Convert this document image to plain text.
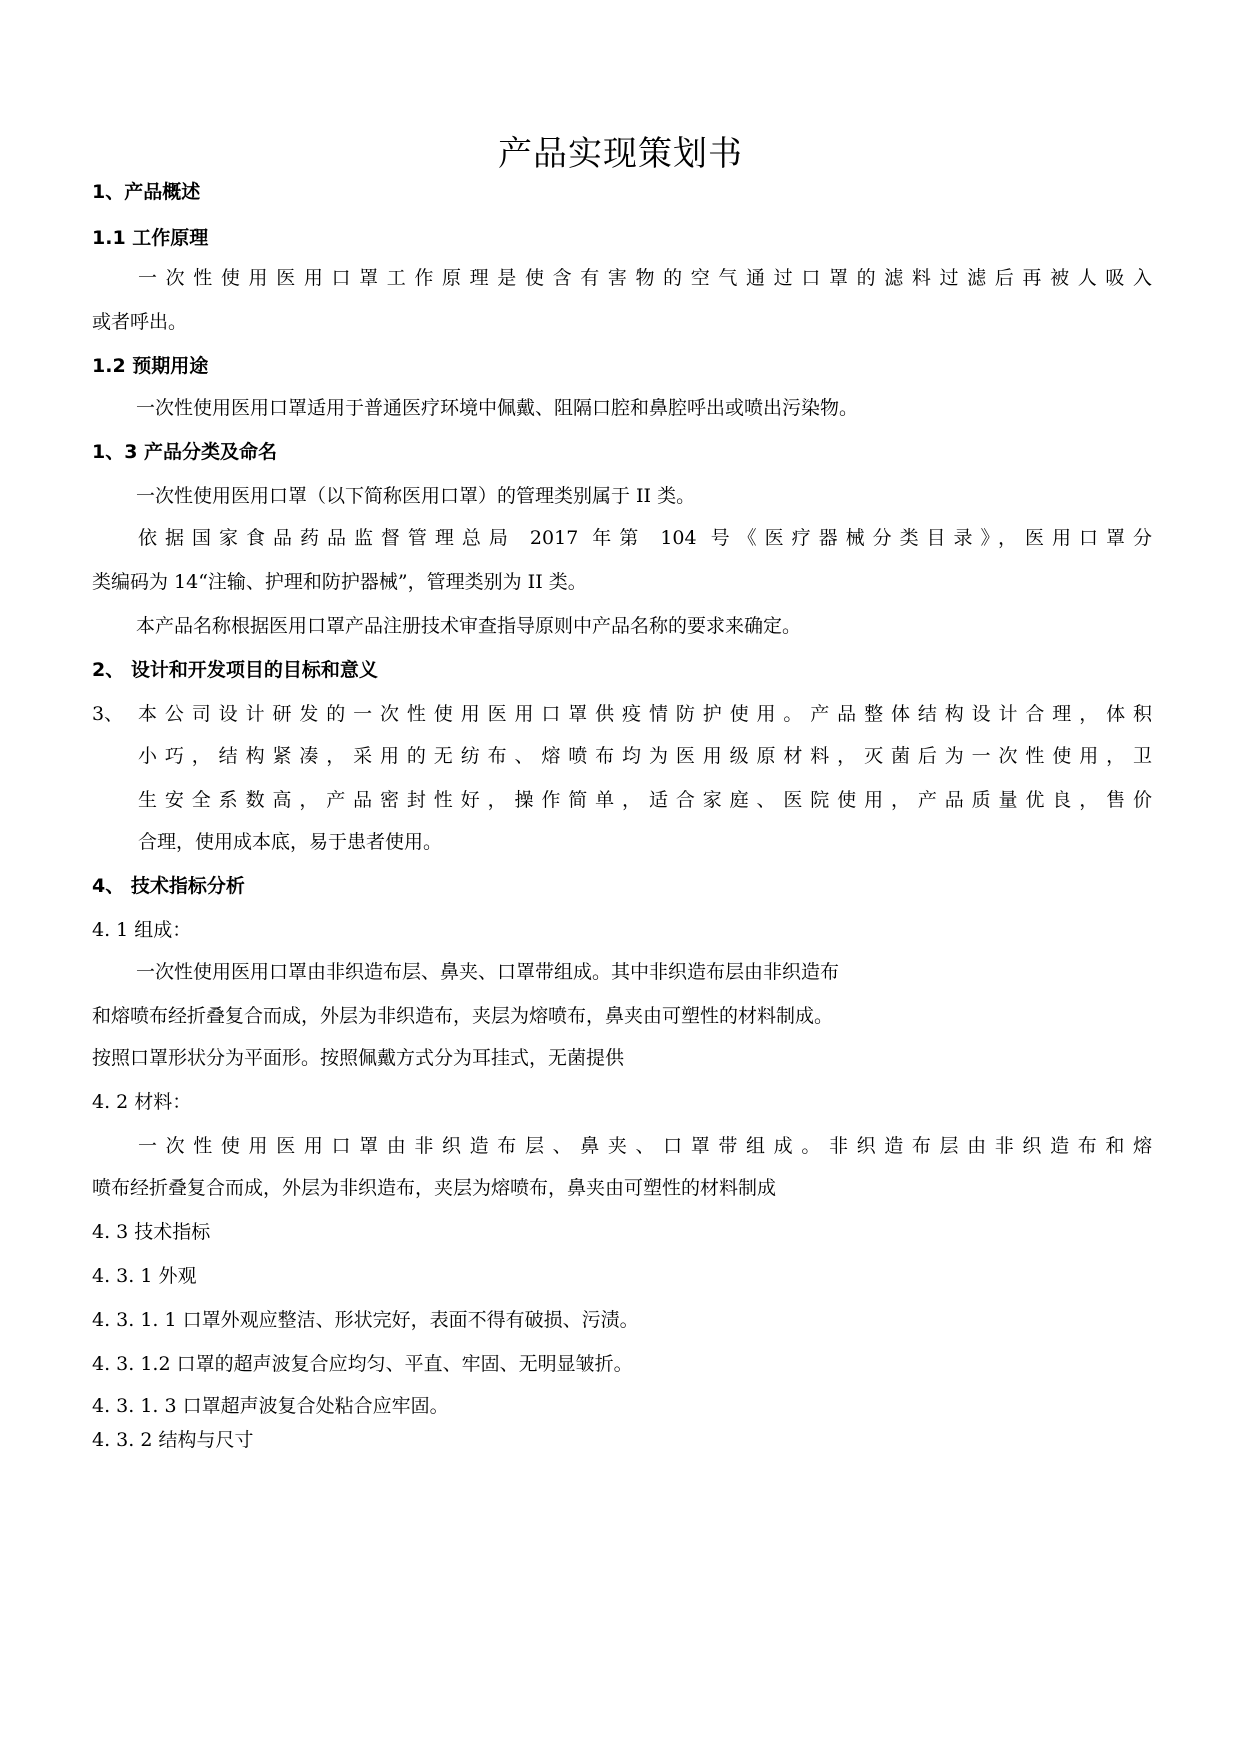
产品实现策划书
1、产品概述
1.1 工作原理
一次性使用医用口罩工作原理是使含有害物的空气通过口罩的滤料过滤后再被人吸入
或者呼出。
1.2 预期用途
一次性使用医用口罩适用于普通医疗环境中佩戴、阻隔口腔和鼻腔呼出或喷出污染物。
1、3 产品分类及命名
一次性使用医用口罩（以下简称医用口罩）的管理类别属于 II 类。
依据国家食品药品监督管理总局 2017 年第 104 号《医疗器械分类目录》，医用口罩分
类编码为 14“注输、护理和防护器械”，管理类别为 II 类。
本产品名称根据医用口罩产品注册技术审查指导原则中产品名称的要求来确定。
2、 设计和开发项目的目标和意义
3、 本公司设计研发的一次性使用医用口罩供疫情防护使用。产品整体结构设计合理，体积
小巧，结构紧凑，采用的无纺布、熔喷布均为医用级原材料，灭菌后为一次性使用，卫
生安全系数高，产品密封性好，操作简单，适合家庭、医院使用，产品质量优良，售价
合理，使用成本底，易于患者使用。
4、 技术指标分析
4. 1 组成：
一次性使用医用口罩由非织造布层、鼻夹、口罩带组成。其中非织造布层由非织造布
和熔喷布经折叠复合而成，外层为非织造布，夹层为熔喷布，鼻夹由可塑性的材料制成。
按照口罩形状分为平面形。按照佩戴方式分为耳挂式，无菌提供
4. 2 材料：
一次性使用医用口罩由非织造布层、鼻夹、口罩带组成。非织造布层由非织造布和熔
喷布经折叠复合而成，外层为非织造布，夹层为熔喷布，鼻夹由可塑性的材料制成
4. 3 技术指标
4. 3. 1 外观
4. 3. 1. 1 口罩外观应整洁、形状完好，表面不得有破损、污渍。
4. 3. 1.2 口罩的超声波复合应均匀、平直、牢固、无明显皱折。
4. 3. 1. 3 口罩超声波复合处粘合应牢固。
4. 3. 2 结构与尺寸
